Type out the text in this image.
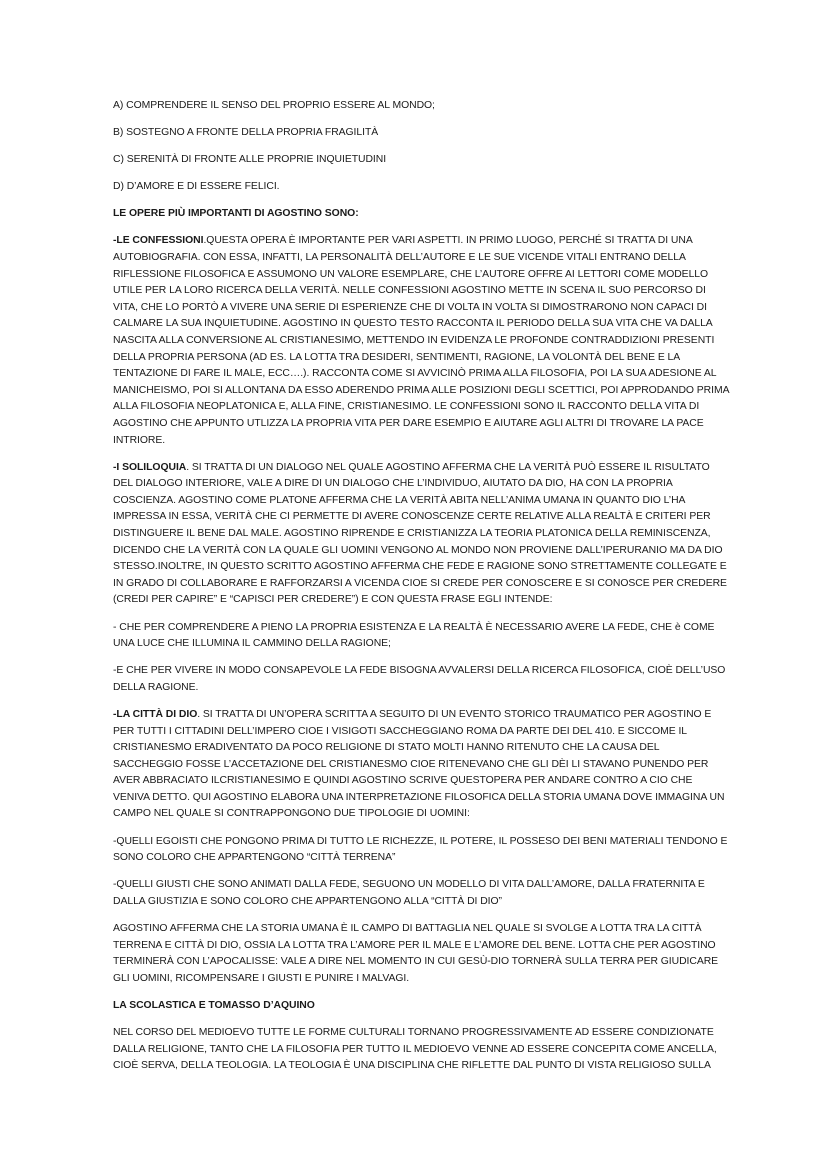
A) COMPRENDERE IL SENSO DEL PROPRIO ESSERE AL MONDO;

B) SOSTEGNO A FRONTE DELLA PROPRIA FRAGILITÀ

C) SERENITÀ DI FRONTE ALLE PROPRIE INQUIETUDINI

D) D’AMORE E DI ESSERE FELICI.

LE OPERE PIÙ IMPORTANTI DI AGOSTINO SONO:

-LE CONFESSIONI.QUESTA OPERA È IMPORTANTE PER VARI ASPETTI. IN PRIMO LUOGO, PERCHÉ SI TRATTA DI UNA AUTOBIOGRAFIA. CON ESSA, INFATTI, LA PERSONALITÀ DELL’AUTORE E LE SUE VICENDE VITALI ENTRANO DELLA RIFLESSIONE FILOSOFICA E ASSUMONO UN VALORE ESEMPLARE, CHE L’AUTORE OFFRE AI LETTORI COME MODELLO UTILE PER LA LORO RICERCA DELLA VERITÀ. NELLE CONFESSIONI AGOSTINO METTE IN SCENA IL SUO PERCORSO DI VITA, CHE LO PORTÒ A VIVERE UNA SERIE DI ESPERIENZE CHE DI VOLTA IN VOLTA SI DIMOSTRARONO NON CAPACI DI CALMARE LA SUA INQUIETUDINE. AGOSTINO IN QUESTO TESTO RACCONTA IL PERIODO DELLA SUA VITA CHE VA DALLA NASCITA ALLA CONVERSIONE AL CRISTIANESIMO, METTENDO IN EVIDENZA LE PROFONDE CONTRADDIZIONI PRESENTI DELLA PROPRIA PERSONA (AD ES. LA LOTTA TRA DESIDERI, SENTIMENTI, RAGIONE, LA VOLONTÀ DEL BENE E LA TENTAZIONE DI FARE IL MALE, ECC….). RACCONTA COME SI AVVICINÒ PRIMA ALLA FILOSOFIA, POI LA SUA ADESIONE AL MANICHEISMO, POI SI ALLONTANA DA ESSO ADERENDO PRIMA ALLE POSIZIONI DEGLI SCETTICI, POI APPRODANDO PRIMA ALLA FILOSOFIA NEOPLATONICA E, ALLA FINE, CRISTIANESIMO. LE CONFESSIONI SONO IL RACCONTO DELLA VITA DI AGOSTINO CHE APPUNTO UTLIZZA LA PROPRIA VITA PER DARE ESEMPIO E AIUTARE AGLI ALTRI DI TROVARE LA PACE INTRIORE.

-I SOLILOQUIA. SI TRATTA DI UN DIALOGO NEL QUALE AGOSTINO AFFERMA CHE LA VERITÀ PUÒ ESSERE IL RISULTATO DEL DIALOGO INTERIORE, VALE A DIRE DI UN DIALOGO CHE L’INDIVIDUO, AIUTATO DA DIO, HA CON LA PROPRIA COSCIENZA. AGOSTINO COME PLATONE AFFERMA CHE LA VERITÀ ABITA NELL’ANIMA UMANA IN QUANTO DIO L’HA IMPRESSA IN ESSA, VERITÀ CHE CI PERMETTE DI AVERE CONOSCENZE CERTE RELATIVE ALLA REALTÀ E CRITERI PER DISTINGUERE IL BENE DAL MALE. AGOSTINO RIPRENDE E CRISTIANIZZA LA TEORIA PLATONICA DELLA REMINISCENZA, DICENDO CHE LA VERITÀ CON LA QUALE GLI UOMINI VENGONO AL MONDO NON PROVIENE DALL’IPERURANIO MA DA DIO STESSO.INOLTRE, IN QUESTO SCRITTO AGOSTINO AFFERMA CHE FEDE E RAGIONE SONO STRETTAMENTE COLLEGATE E IN GRADO DI COLLABORARE E RAFFORZARSI A VICENDA CIOE SI CREDE PER CONOSCERE E SI CONOSCE PER CREDERE (CREDI PER CAPIRE” E “CAPISCI PER CREDERE”) E CON QUESTA FRASE EGLI INTENDE:

- CHE PER COMPRENDERE A PIENO LA PROPRIA ESISTENZA E LA REALTÀ È NECESSARIO AVERE LA FEDE, CHE è COME UNA LUCE CHE ILLUMINA IL CAMMINO DELLA RAGIONE;

-E CHE PER VIVERE IN MODO CONSAPEVOLE LA FEDE BISOGNA AVVALERSI DELLA RICERCA FILOSOFICA, CIOÈ DELL’USO DELLA RAGIONE.

-LA CITTÀ DI DIO. SI TRATTA DI UN’OPERA SCRITTA A SEGUITO DI UN EVENTO STORICO TRAUMATICO PER AGOSTINO E PER TUTTI I CITTADINI DELL’IMPERO CIOE I VISIGOTI SACCHEGGIANO ROMA DA PARTE DEI DEL 410. E SICCOME IL CRISTIANESMO ERADIVENTATO DA POCO RELIGIONE DI STATO MOLTI HANNO RITENUTO CHE LA CAUSA DEL SACCHEGGIO FOSSE L’ACCETAZIONE DEL CRISTIANESMO CIOE RITENEVANO CHE GLI DÈI LI STAVANO PUNENDO PER AVER ABBRACIATO ILCRISTIANESIMO E QUINDI AGOSTINO SCRIVE QUESTOPERA PER ANDARE CONTRO A CIO CHE VENIVA DETTO. QUI AGOSTINO ELABORA UNA INTERPRETAZIONE FILOSOFICA DELLA STORIA UMANA DOVE IMMAGINA UN CAMPO NEL QUALE SI CONTRAPPONGONO DUE TIPOLOGIE DI UOMINI:

-QUELLI EGOISTI CHE PONGONO PRIMA DI TUTTO LE RICHEZZE, IL POTERE, IL POSSESO DEI BENI MATERIALI TENDONO E SONO COLORO CHE APPARTENGONO “CITTÀ TERRENA”

-QUELLI GIUSTI CHE SONO ANIMATI DALLA FEDE, SEGUONO UN MODELLO DI VITA DALL’AMORE, DALLA FRATERNITA E DALLA GIUSTIZIA E SONO COLORO CHE APPARTENGONO ALLA “CITTÀ DI DIO”

AGOSTINO AFFERMA CHE LA STORIA UMANA È IL CAMPO DI BATTAGLIA NEL QUALE SI SVOLGE A LOTTA TRA LA CITTÀ TERRENA E CITTÀ DI DIO, OSSIA LA LOTTA TRA L’AMORE PER IL MALE E L’AMORE DEL BENE. LOTTA CHE PER AGOSTINO TERMINERÀ CON L’APOCALISSE: VALE A DIRE NEL MOMENTO IN CUI GESÙ-DIO TORNERÀ SULLA TERRA PER GIUDICARE GLI UOMINI, RICOMPENSARE I GIUSTI E PUNIRE I MALVAGI.

LA SCOLASTICA E TOMASSO D’AQUINO

NEL CORSO DEL MEDIOEVO TUTTE LE FORME CULTURALI TORNANO PROGRESSIVAMENTE AD ESSERE CONDIZIONATE DALLA RELIGIONE, TANTO CHE LA FILOSOFIA PER TUTTO IL MEDIOEVO VENNE AD ESSERE CONCEPITA COME ANCELLA, CIOÈ SERVA, DELLA TEOLOGIA. LA TEOLOGIA È UNA DISCIPLINA CHE RIFLETTE DAL PUNTO DI VISTA RELIGIOSO SULLA
